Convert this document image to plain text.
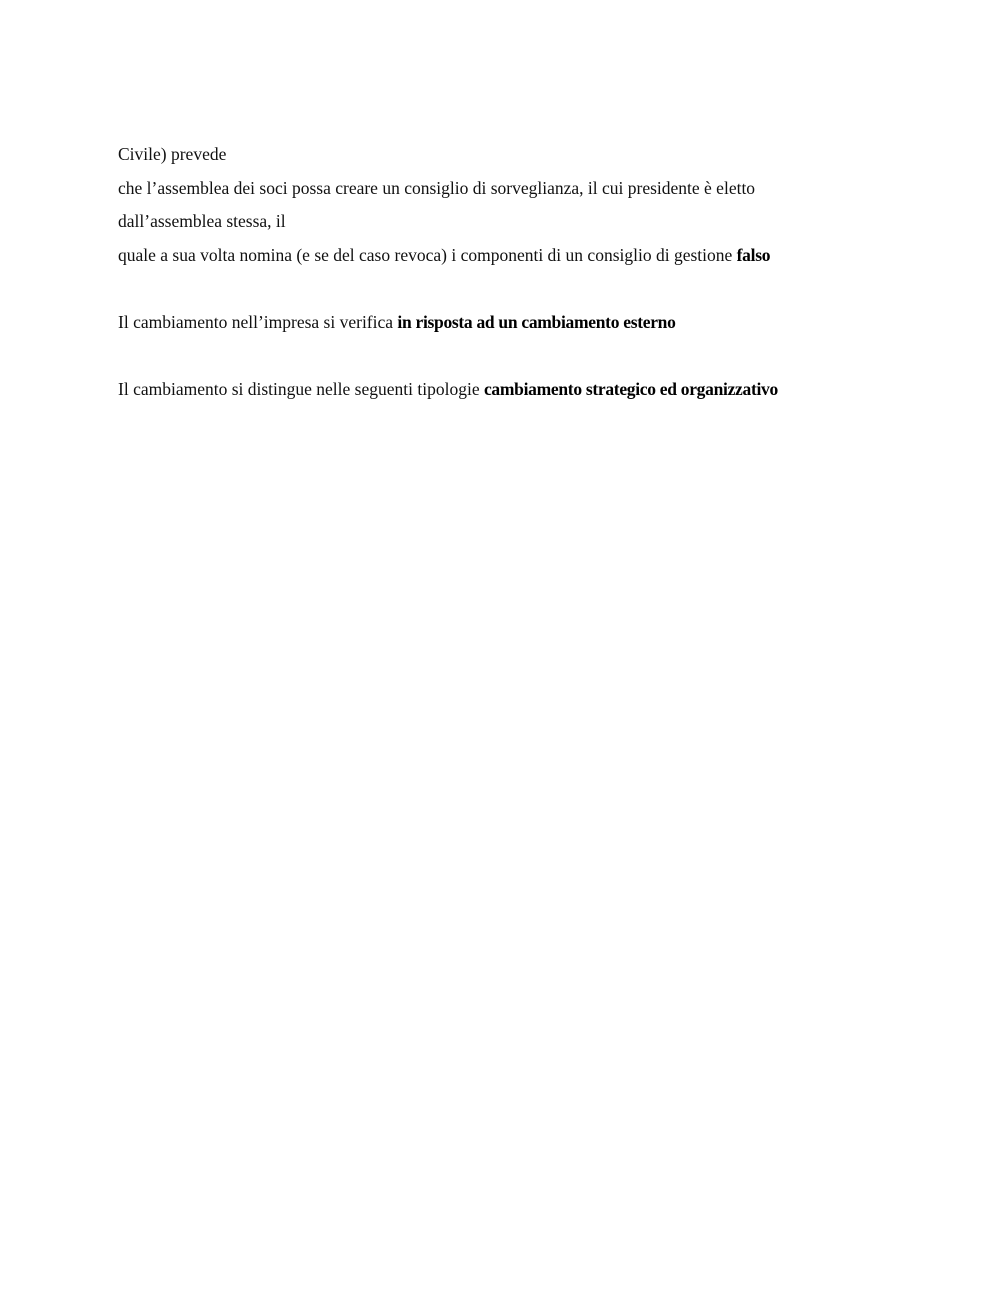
Civile) prevede
che l’assemblea dei soci possa creare un consiglio di sorveglianza, il cui presidente è eletto
dall’assemblea stessa, il
quale a sua volta nomina (e se del caso revoca) i componenti di un consiglio di gestione falso
Il cambiamento nell’impresa si verifica in risposta ad un cambiamento esterno
Il cambiamento si distingue nelle seguenti tipologie cambiamento strategico ed organizzativo
